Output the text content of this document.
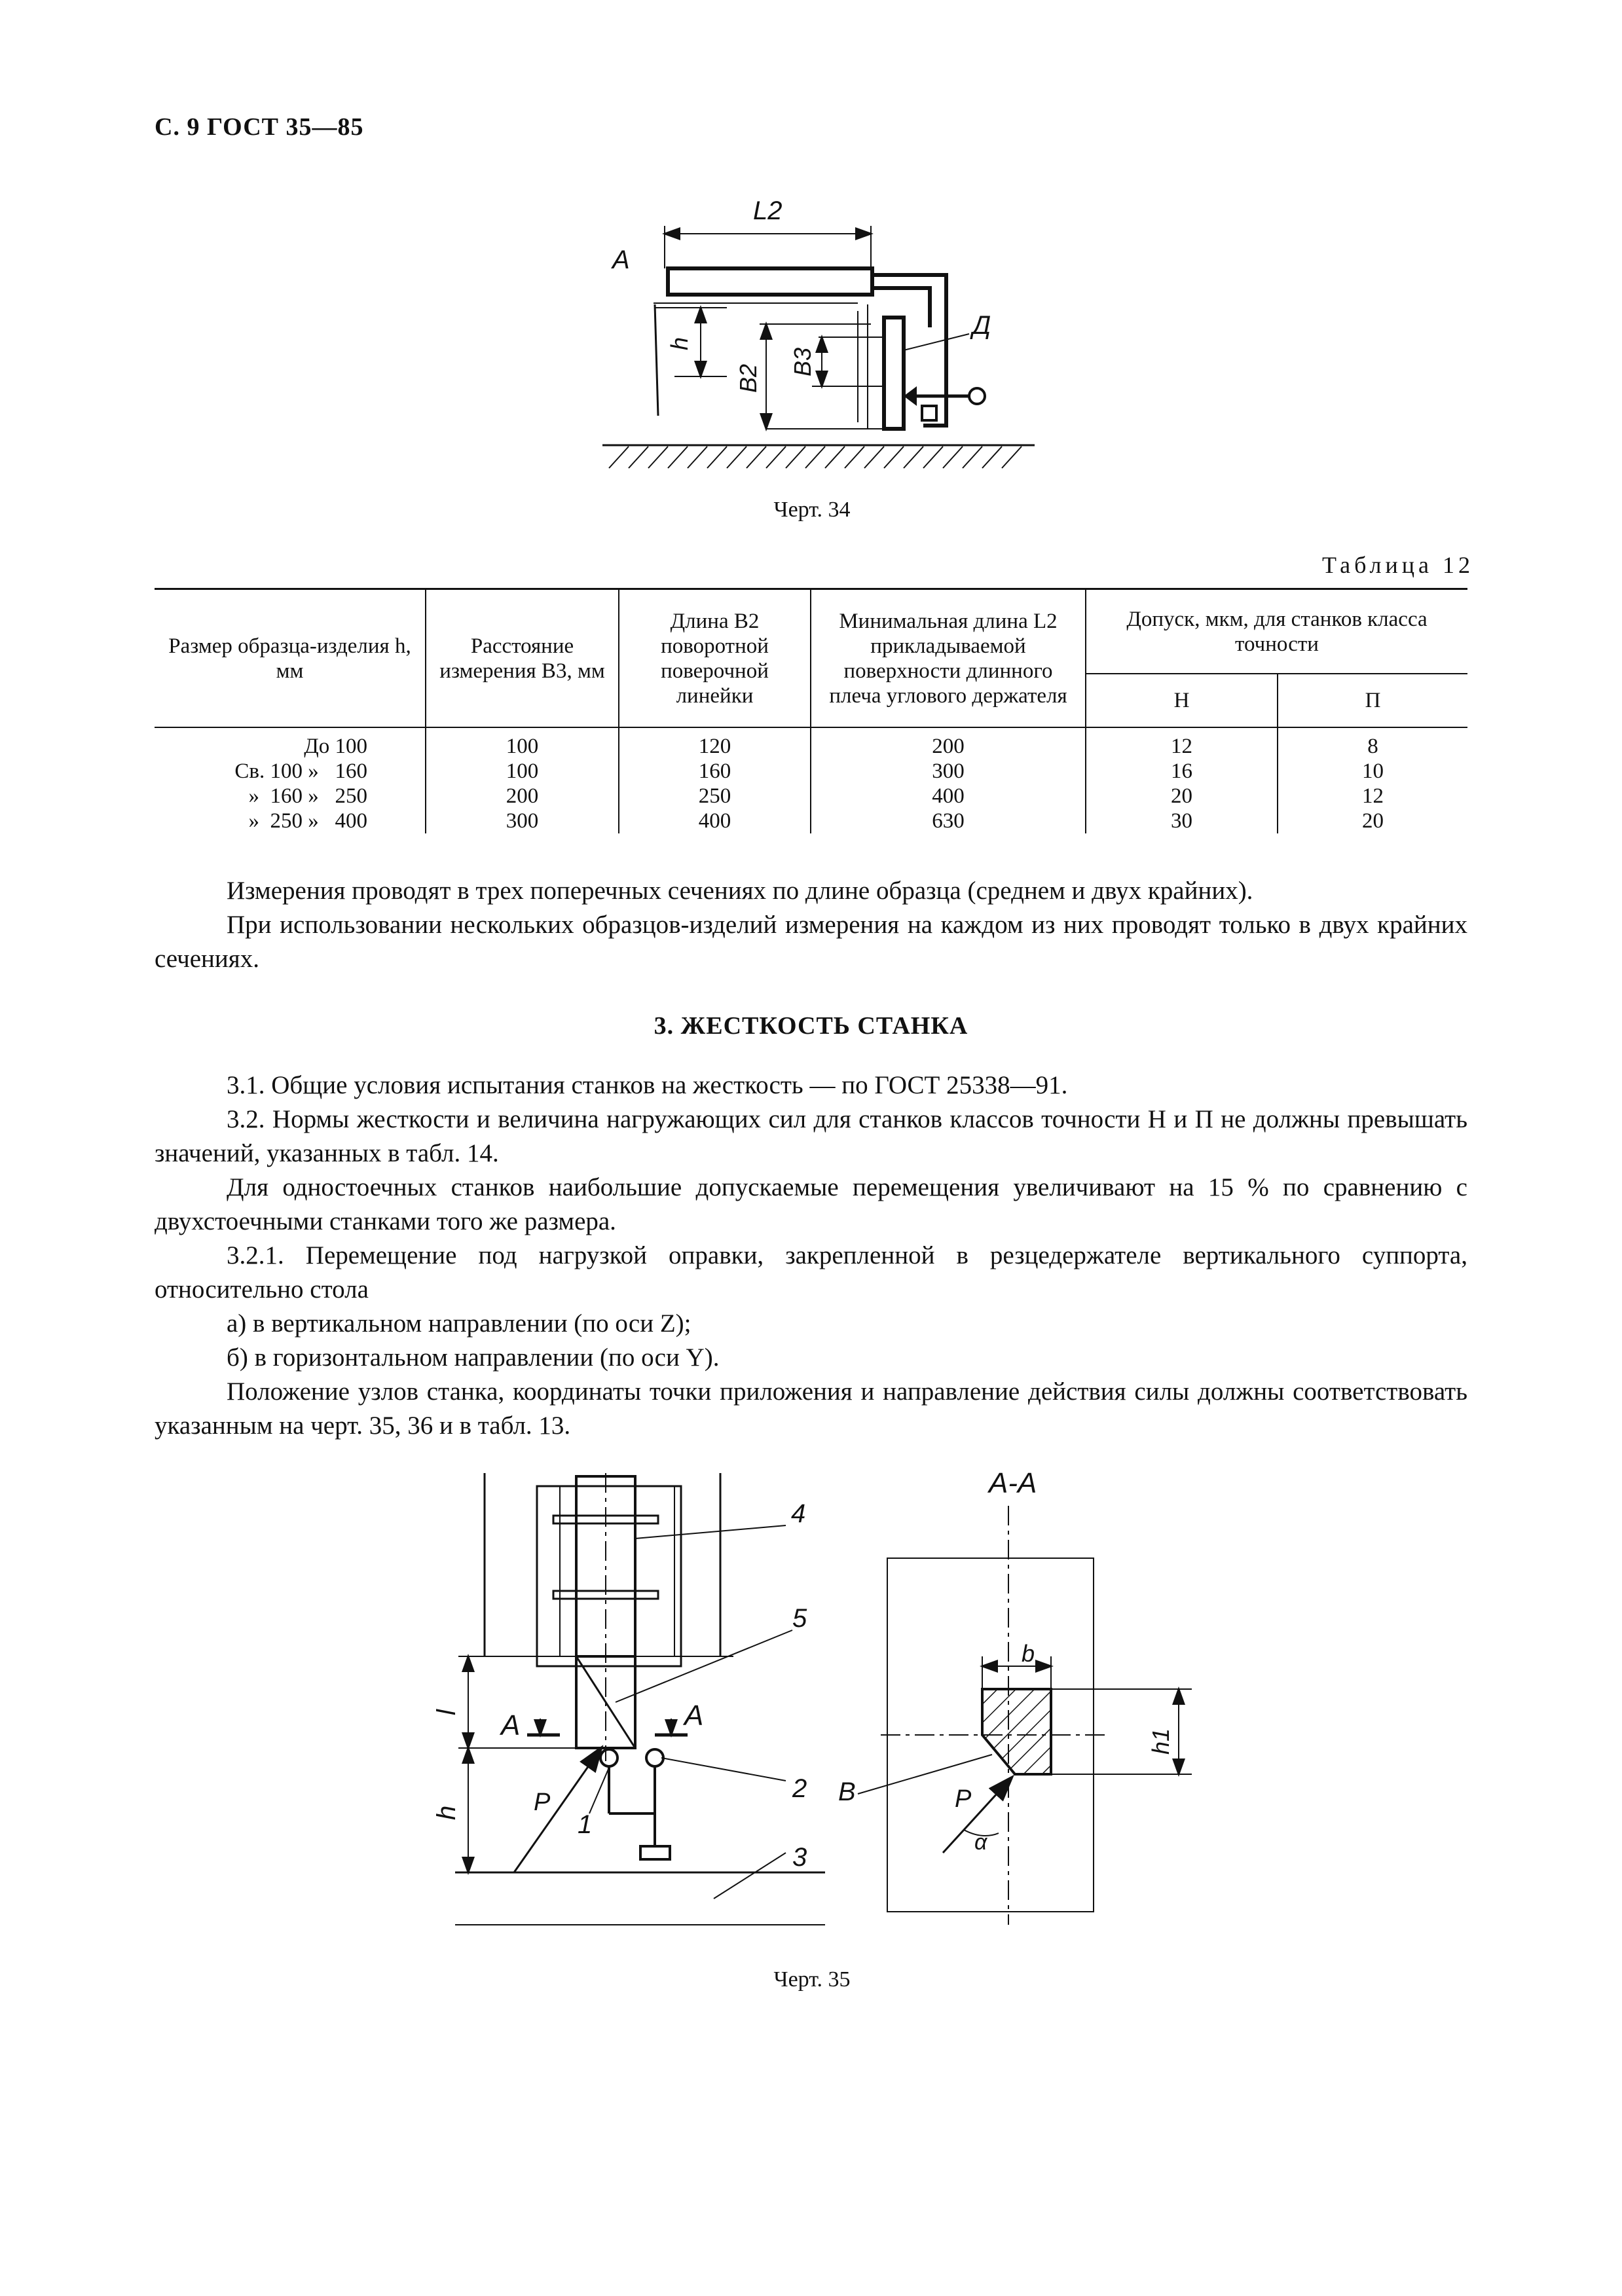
С. 9 ГОСТ 35—85
L2
А
h
B2
B3
Д
Черт. 34
Таблица 12
Размер образца-изделия h, мм	Расстояние измерения B3, мм	Длина B2 поворотной поверочной линейки	Минимальная длина L2 прикладываемой поверхности длинного плеча углового держателя	Допуск, мкм, для станков класса точности	
				Н	П

До 100	100	120	200	12	8
Св. 100 »   160	100	160	300	16	10
»  160 »   250	200	250	400	20	12
»  250 »   400	300	400	630	30	20

Измерения проводят в трех поперечных сечениях по длине образца (среднем и двух крайних).

При использовании нескольких образцов-изделий измерения на каждом из них проводят только в двух крайних сечениях.

3. ЖЕСТКОСТЬ СТАНКА

3.1. Общие условия испытания станков на жесткость — по ГОСТ 25338—91.

3.2. Нормы жесткости и величина нагружающих сил для станков классов точности Н и П не должны превышать значений, указанных в табл. 14.

Для одностоечных станков наибольшие допускаемые перемещения увеличивают на 15 % по сравнению с двухстоечными станками того же размера.

3.2.1. Перемещение под нагрузкой оправки, закрепленной в резцедержателе вертикального суппорта, относительно стола

а) в вертикальном направлении (по оси Z);

б) в горизонтальном направлении (по оси Y).

Положение узлов станка, координаты точки приложения и направление действия силы должны соответствовать указанным на черт. 35, 36 и в табл. 13.

l
h
А	А
P
1
2
3
4
5
А-А
b
h1
P
α
В
Черт. 35
